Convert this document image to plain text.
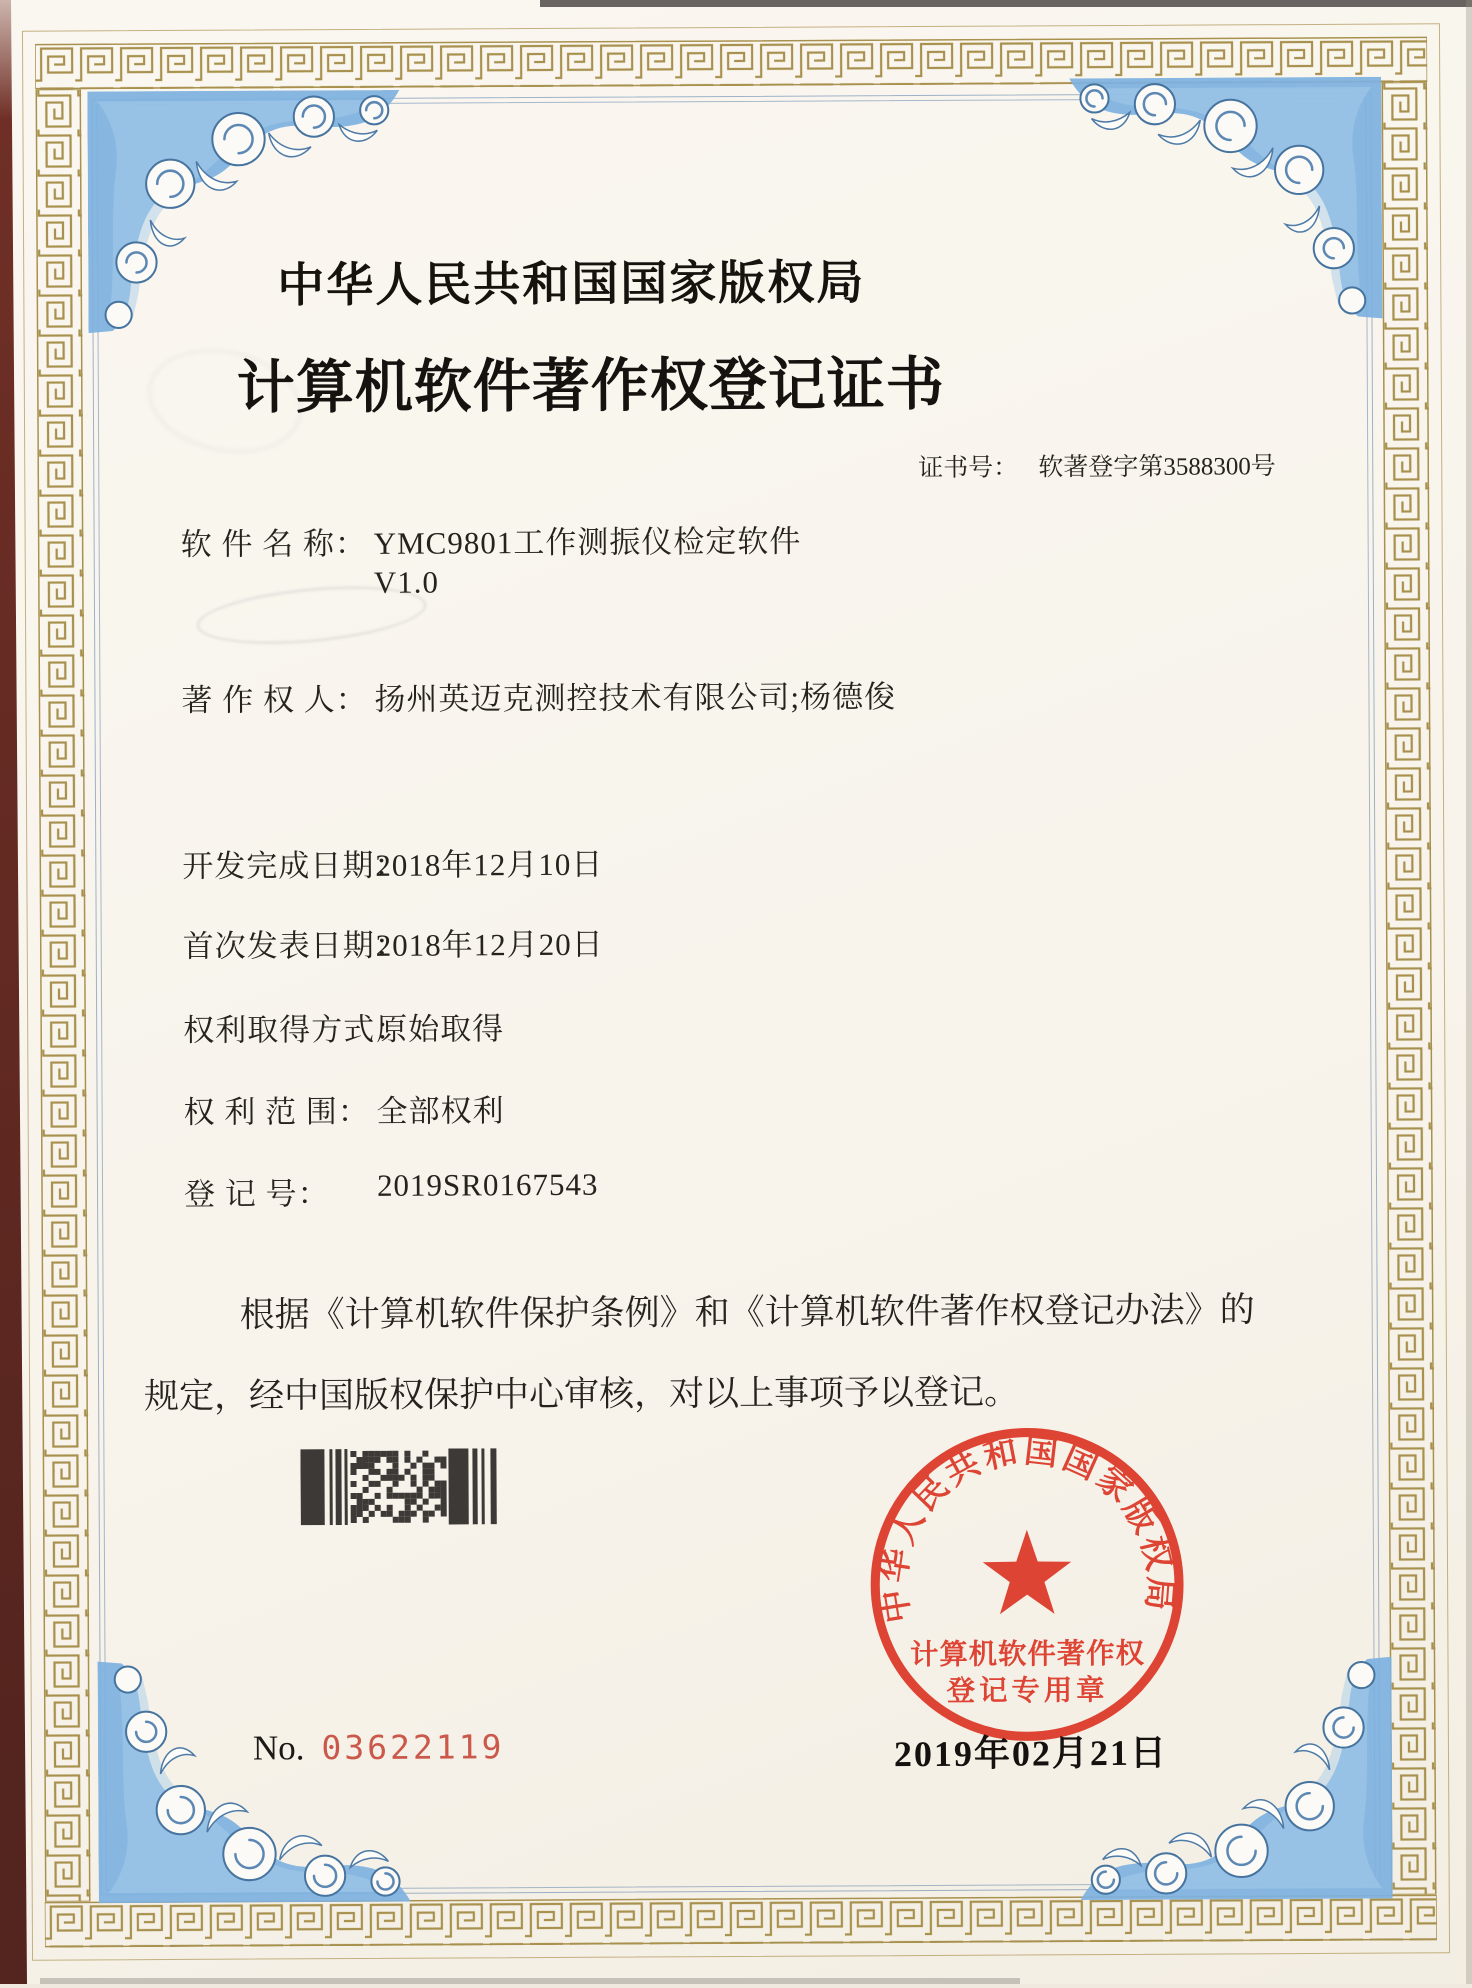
中华人民共和国国家版权局
计算机软件著作权登记证书
证书号： 软著登字第3588300号
软 件 名 称： YMC9801工作测振仪检定软件
V1.0
著 作 权 人： 扬州英迈克测控技术有限公司;杨德俊
开发完成日期：
2018年12月10日
首次发表日期：
2018年12月20日
权利取得方式：
原始取得
权 利 范 围： 全部权利
登 记 号： 2019SR0167543
根据《计算机软件保护条例》和《计算机软件著作权登记办法》的
规定，经中国版权保护中心审核，对以上事项予以登记。
中华人民共和国国家版权局
计算机软件著作权
登记专用章
2019年02月21日
No. 03622119
